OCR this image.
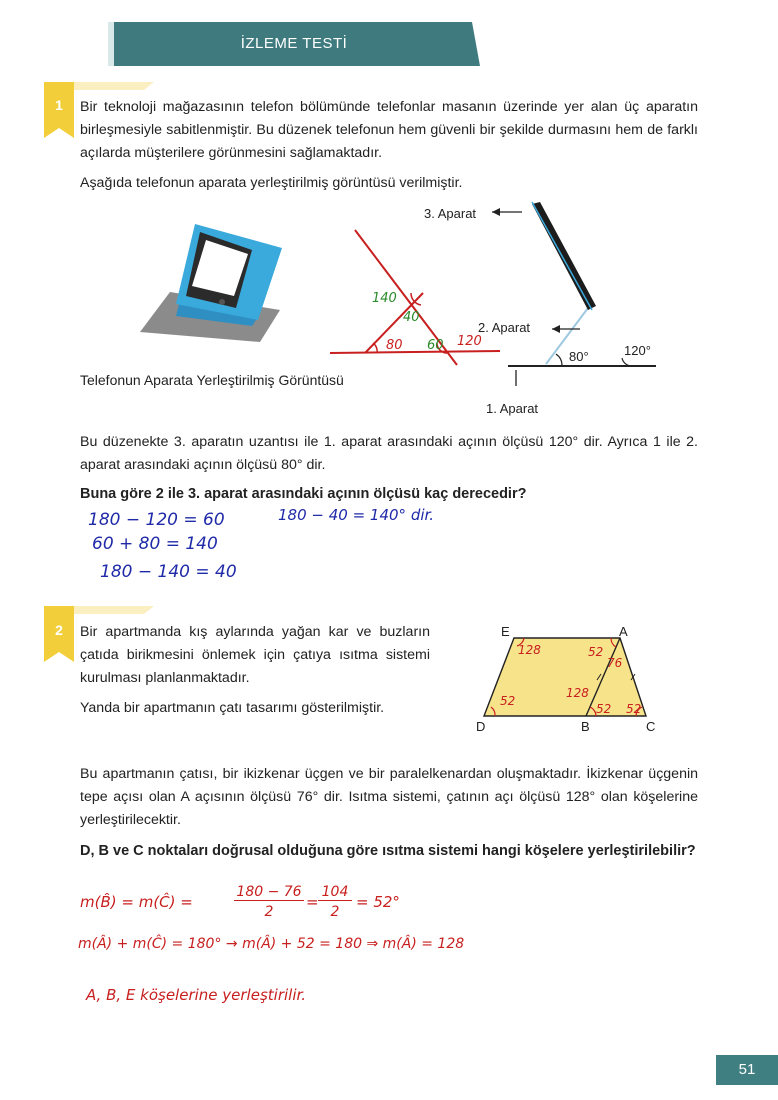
İZLEME TESTİ
1	Bir teknoloji mağazasının telefon bölümünde telefonlar masanın üzerinde yer alan üç aparatın birleşmesiyle sabitlenmiştir. Bu düzenek telefonun hem güvenli bir şekilde durmasını hem de farklı açılarda müşterilere görünmesini sağlamaktadır.
Aşağıda telefonun aparata yerleştirilmiş görüntüsü verilmiştir.
Telefonun Aparata Yerleştirilmiş Görüntüsü
140
40
80 60 120
3. Aparat
2. Aparat
1. Aparat
80°	120°
Bu düzenekte 3. aparatın uzantısı ile 1. aparat arasındaki açının ölçüsü 120° dir. Ayrıca 1 ile 2. aparat arasındaki açının ölçüsü 80° dir.
Buna göre 2 ile 3. aparat arasındaki açının ölçüsü kaç derecedir?
180 − 120 = 60
60 + 80 = 140
180 − 140 = 40
180 − 40 = 140° dir.
2	Bir apartmanda kış aylarında yağan kar ve buzların çatıda birikmesini önlemek için çatıya ısıtma sistemi kurulması planlanmaktadır.
Yanda bir apartmanın çatı tasarımı gösterilmiştir.
E	A
D	B	C
128	52
76
52
128
52 52
Bu apartmanın çatısı, bir ikizkenar üçgen ve bir paralelkenardan oluşmaktadır. İkizkenar üçgenin tepe açısı olan A açısının ölçüsü 76° dir. Isıtma sistemi, çatının açı ölçüsü 128° olan köşelerine yerleştirilecektir.
D, B ve C noktaları doğrusal olduğuna göre ısıtma sistemi hangi köşelere yerleştirilebilir?
m(B̂) = m(Ĉ) =
180 − 76
2
=
104
2
= 52°
m(Â) + m(Ĉ) = 180° → m(Â) + 52 = 180 ⇒ m(Â) = 128
A, B, E köşelerine yerleştirilir.
51
